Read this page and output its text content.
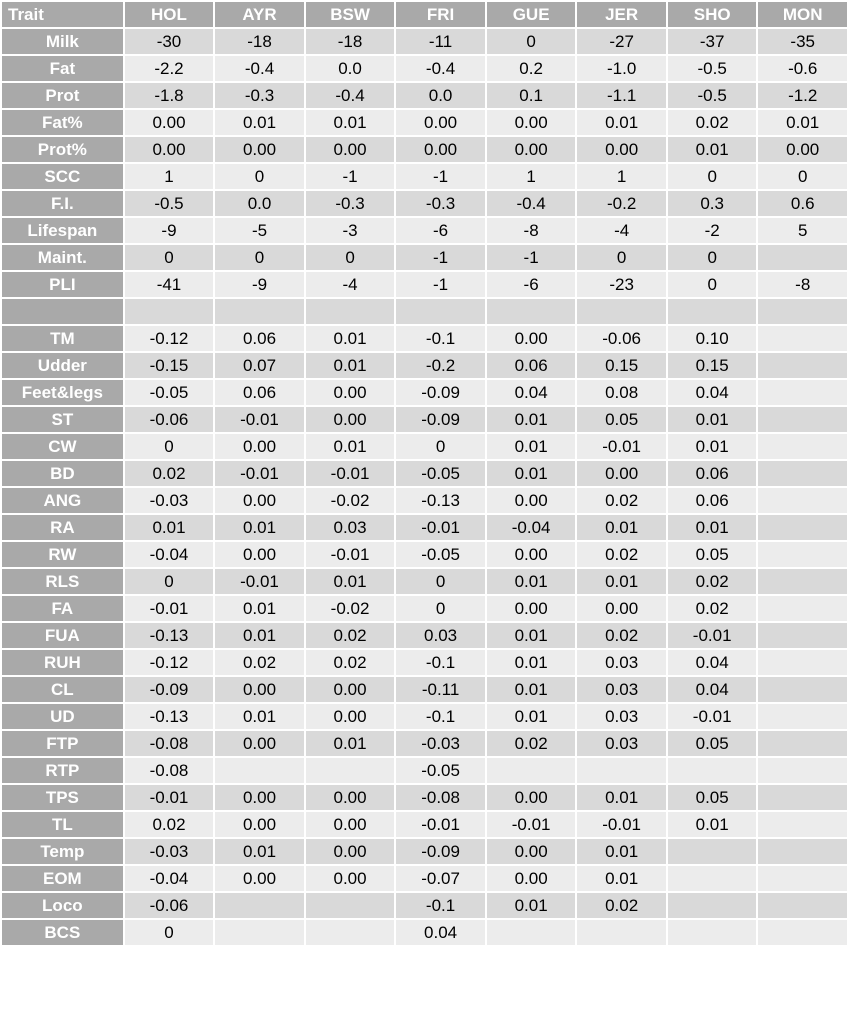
Trait	HOL	AYR	BSW	FRI	GUE	JER	SHO	MON
Milk	-30	-18	-18	-11	0	-27	-37	-35
Fat	-2.2	-0.4	0.0	-0.4	0.2	-1.0	-0.5	-0.6
Prot	-1.8	-0.3	-0.4	0.0	0.1	-1.1	-0.5	-1.2
Fat%	0.00	0.01	0.01	0.00	0.00	0.01	0.02	0.01
Prot%	0.00	0.00	0.00	0.00	0.00	0.00	0.01	0.00
SCC	1	0	-1	-1	1	1	0	0
F.I.	-0.5	0.0	-0.3	-0.3	-0.4	-0.2	0.3	0.6
Lifespan	-9	-5	-3	-6	-8	-4	-2	5
Maint.	0	0	0	-1	-1	0	0	
PLI	-41	-9	-4	-1	-6	-23	0	-8

TM	-0.12	0.06	0.01	-0.1	0.00	-0.06	0.10	
Udder	-0.15	0.07	0.01	-0.2	0.06	0.15	0.15	
Feet&legs	-0.05	0.06	0.00	-0.09	0.04	0.08	0.04	
ST	-0.06	-0.01	0.00	-0.09	0.01	0.05	0.01	
CW	0	0.00	0.01	0	0.01	-0.01	0.01	
BD	0.02	-0.01	-0.01	-0.05	0.01	0.00	0.06	
ANG	-0.03	0.00	-0.02	-0.13	0.00	0.02	0.06	
RA	0.01	0.01	0.03	-0.01	-0.04	0.01	0.01	
RW	-0.04	0.00	-0.01	-0.05	0.00	0.02	0.05	
RLS	0	-0.01	0.01	0	0.01	0.01	0.02	
FA	-0.01	0.01	-0.02	0	0.00	0.00	0.02	
FUA	-0.13	0.01	0.02	0.03	0.01	0.02	-0.01	
RUH	-0.12	0.02	0.02	-0.1	0.01	0.03	0.04	
CL	-0.09	0.00	0.00	-0.11	0.01	0.03	0.04	
UD	-0.13	0.01	0.00	-0.1	0.01	0.03	-0.01	
FTP	-0.08	0.00	0.01	-0.03	0.02	0.03	0.05	
RTP	-0.08			-0.05				
TPS	-0.01	0.00	0.00	-0.08	0.00	0.01	0.05	
TL	0.02	0.00	0.00	-0.01	-0.01	-0.01	0.01	
Temp	-0.03	0.01	0.00	-0.09	0.00	0.01		
EOM	-0.04	0.00	0.00	-0.07	0.00	0.01		
Loco	-0.06			-0.1	0.01	0.02		
BCS	0			0.04				
